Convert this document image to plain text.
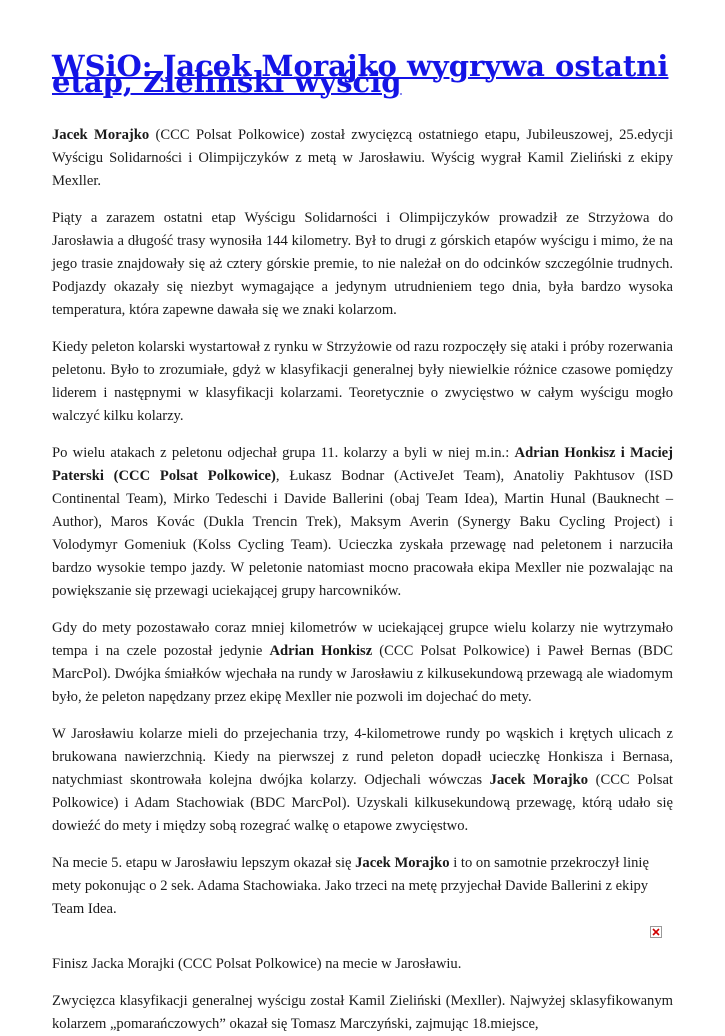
WSiO: Jacek Morajko wygrywa ostatni etap, Zieliński wyścig

Jacek Morajko (CCC Polsat Polkowice) został zwycięzcą ostatniego etapu, Jubileuszowej, 25.edycji Wyścigu Solidarności i Olimpijczyków z metą w Jarosławiu. Wyścig wygrał Kamil Zieliński z ekipy Mexller.

Piąty a zarazem ostatni etap Wyścigu Solidarności i Olimpijczyków prowadził ze Strzyżowa do Jarosławia a długość trasy wynosiła 144 kilometry. Był to drugi z górskich etapów wyścigu i mimo, że na jego trasie znajdowały się aż cztery górskie premie, to nie należał on do odcinków szczególnie trudnych. Podjazdy okazały się niezbyt wymagające a jedynym utrudnieniem tego dnia, była bardzo wysoka temperatura, która zapewne dawała się we znaki kolarzom.

Kiedy peleton kolarski wystartował z rynku w Strzyżowie od razu rozpoczęły się ataki i próby rozerwania peletonu. Było to zrozumiałe, gdyż w klasyfikacji generalnej były niewielkie różnice czasowe pomiędzy liderem i następnymi w klasyfikacji kolarzami. Teoretycznie o zwycięstwo w całym wyścigu mogło walczyć kilku kolarzy.

Po wielu atakach z peletonu odjechał grupa 11. kolarzy a byli w niej m.in.: Adrian Honkisz i Maciej Paterski (CCC Polsat Polkowice), Łukasz Bodnar (ActiveJet Team), Anatoliy Pakhtusov (ISD Continental Team), Mirko Tedeschi i Davide Ballerini (obaj Team Idea), Martin Hunal (Bauknecht – Author), Maros Kovác (Dukla Trencin Trek), Maksym Averin (Synergy Baku Cycling Project) i Volodymyr Gomeniuk (Kolss Cycling Team). Ucieczka zyskała przewagę nad peletonem i narzuciła bardzo wysokie tempo jazdy. W peletonie natomiast mocno pracowała ekipa Mexller nie pozwalając na powiększanie się przewagi uciekającej grupy harcowników.

Gdy do mety pozostawało coraz mniej kilometrów w uciekającej grupce wielu kolarzy nie wytrzymało tempa i na czele pozostał jedynie Adrian Honkisz (CCC Polsat Polkowice) i Paweł Bernas (BDC MarcPol). Dwójka śmiałków wjechała na rundy w Jarosławiu z kilkusekundową przewagą ale wiadomym było, że peleton napędzany przez ekipę Mexller nie pozwoli im dojechać do mety.

W Jarosławiu kolarze mieli do przejechania trzy, 4-kilometrowe rundy po wąskich i krętych ulicach z brukowana nawierzchnią. Kiedy na pierwszej z rund peleton dopadł ucieczkę Honkisza i Bernasa, natychmiast skontrowała kolejna dwójka kolarzy. Odjechali wówczas Jacek Morajko (CCC Polsat Polkowice) i Adam Stachowiak (BDC MarcPol). Uzyskali kilkusekundową przewagę, którą udało się dowieźć do mety i między sobą rozegrać walkę o etapowe zwycięstwo.

Na mecie 5. etapu w Jarosławiu lepszym okazał się Jacek Morajko i to on samotnie przekroczył linię mety pokonując o 2 sek. Adama Stachowiaka. Jako trzeci na metę przyjechał Davide Ballerini z ekipy Team Idea.

Finisz Jacka Morajki (CCC Polsat Polkowice) na mecie w Jarosławiu.

Zwycięzca klasyfikacji generalnej wyścigu został Kamil Zieliński (Mexller). Najwyżej sklasyfikowanym kolarzem „pomarańczowych” okazał się Tomasz Marczyński, zajmując 18.miejsce,
